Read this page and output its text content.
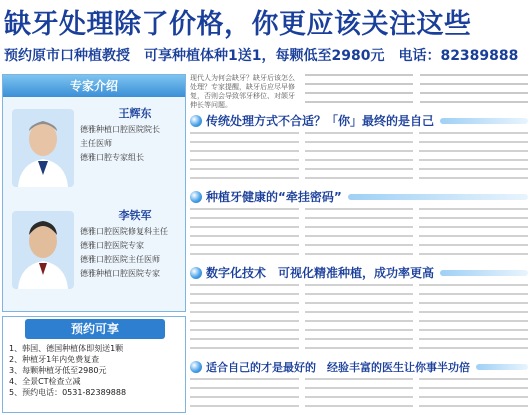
缺牙处理除了价格，你更应该关注这些
预约原市口种植教授 可享种植体种1送1，每颗低至2980元 电话：82389888
专家介绍
王辉东
德雅种植口腔医院院长
主任医师
德雅口腔专家组长
李铁军
德雅口腔医院修复科主任
德雅口腔医院专家
德雅口腔医院主任医师
德雅种植口腔医院专家
预约可享
1、韩国、德国种植体即刻送1颗
2、种植牙1年内免费复查
3、每颗种植牙低至2980元
4、全景CT检查立减
5、预约电话：0531-82389888
现代人为何会缺牙？缺牙后该怎么处理？专家提醒，缺牙后应尽早修复，否则会导致邻牙移位、对颌牙伸长等问题。
传统处理方式不合适？「你」最终的是自己
种植牙健康的“牵挂密码”
数字化技术　可视化精准种植，成功率更高
适合自己的才是最好的　经验丰富的医生让你事半功倍
